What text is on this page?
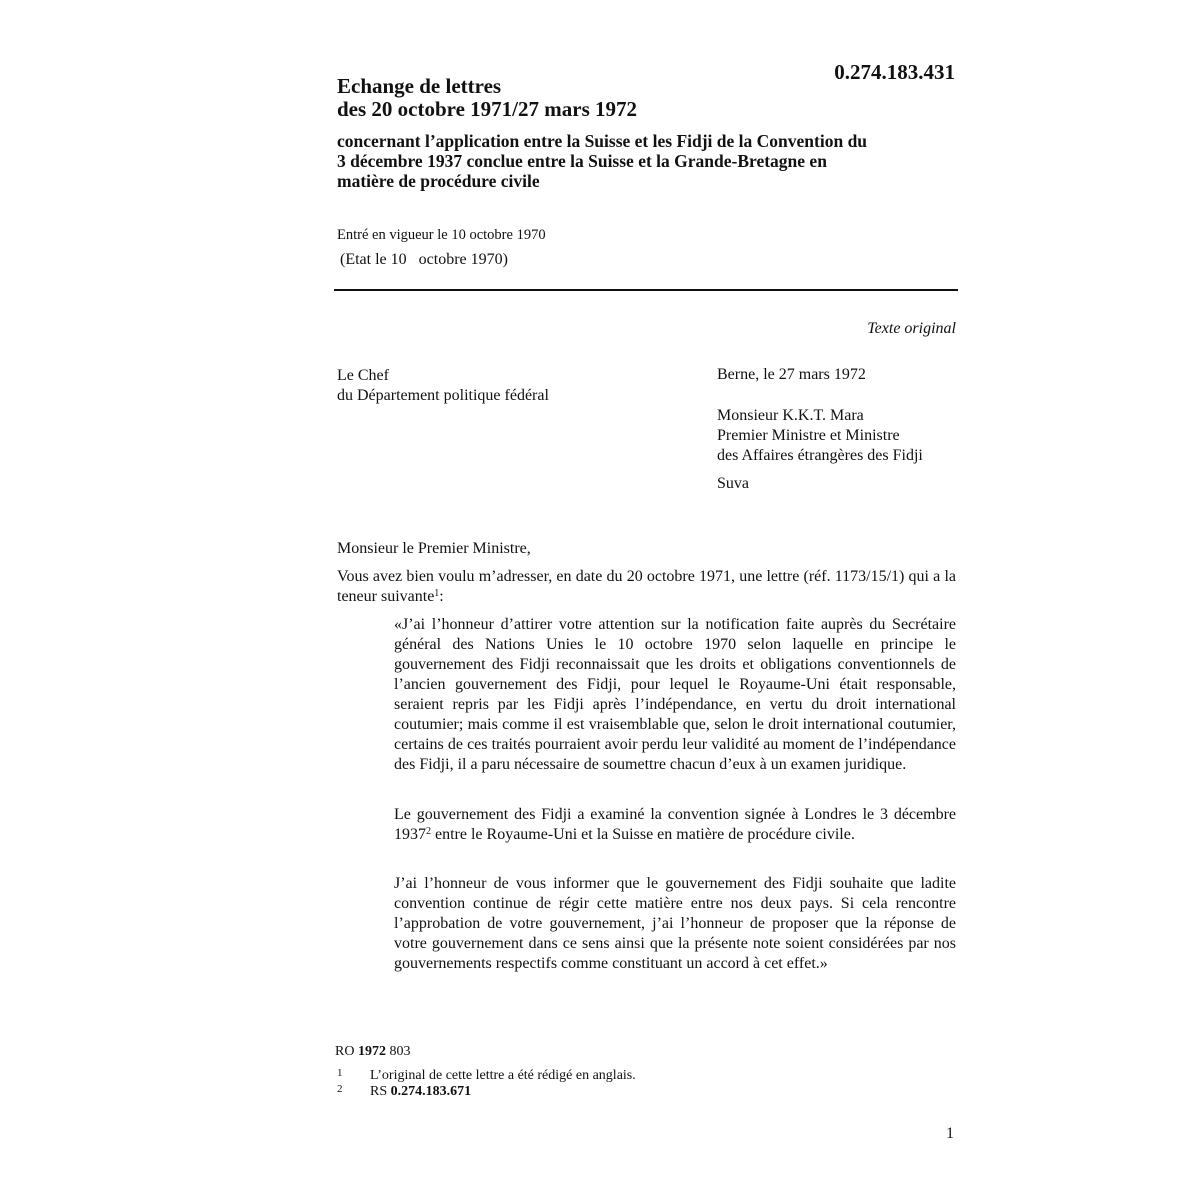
0.274.183.431
Echange de lettres
des 20 octobre 1971/27 mars 1972
concernant l’application entre la Suisse et les Fidji de la Convention du
3 décembre 1937 conclue entre la Suisse et la Grande-Bretagne en
matière de procédure civile
Entré en vigueur le 10 octobre 1970
(Etat le 10   octobre 1970)
Texte original
Le Chef
du Département politique fédéral
Berne, le 27 mars 1972
Monsieur K.K.T. Mara
Premier Ministre et Ministre
des Affaires étrangères des Fidji
Suva
Monsieur le Premier Ministre,
Vous avez bien voulu m’adresser, en date du 20 octobre 1971, une lettre (réf. 1173/15/1) qui a la teneur suivante$^1$:
«J’ai l’honneur d’attirer votre attention sur la notification faite auprès du Secrétaire général des Nations Unies le 10 octobre 1970 selon laquelle en principe le gouvernement des Fidji reconnaissait que les droits et obligations conventionnels de l’ancien gouvernement des Fidji, pour lequel le Royaume-Uni était responsable, seraient repris par les Fidji après l’indépendance, en vertu du droit international coutumier; mais comme il est vraisemblable que, selon le droit international coutumier, certains de ces traités pourraient avoir perdu leur validité au moment de l’indépendance des Fidji, il a paru nécessaire de soumettre chacun d’eux à un examen juridique.
Le gouvernement des Fidji a examiné la convention signée à Londres le 3 décembre 1937$^2$ entre le Royaume-Uni et la Suisse en matière de procédure civile.
J’ai l’honneur de vous informer que le gouvernement des Fidji souhaite que ladite convention continue de régir cette matière entre nos deux pays. Si cela rencontre l’approbation de votre gouvernement, j’ai l’honneur de proposer que la réponse de votre gouvernement dans ce sens ainsi que la présente note soient considérées par nos gouvernements respectifs comme constituant un accord à cet effet.»
RO 1972 803
1 L’original de cette lettre a été rédigé en anglais.
2 RS 0.274.183.671
1
